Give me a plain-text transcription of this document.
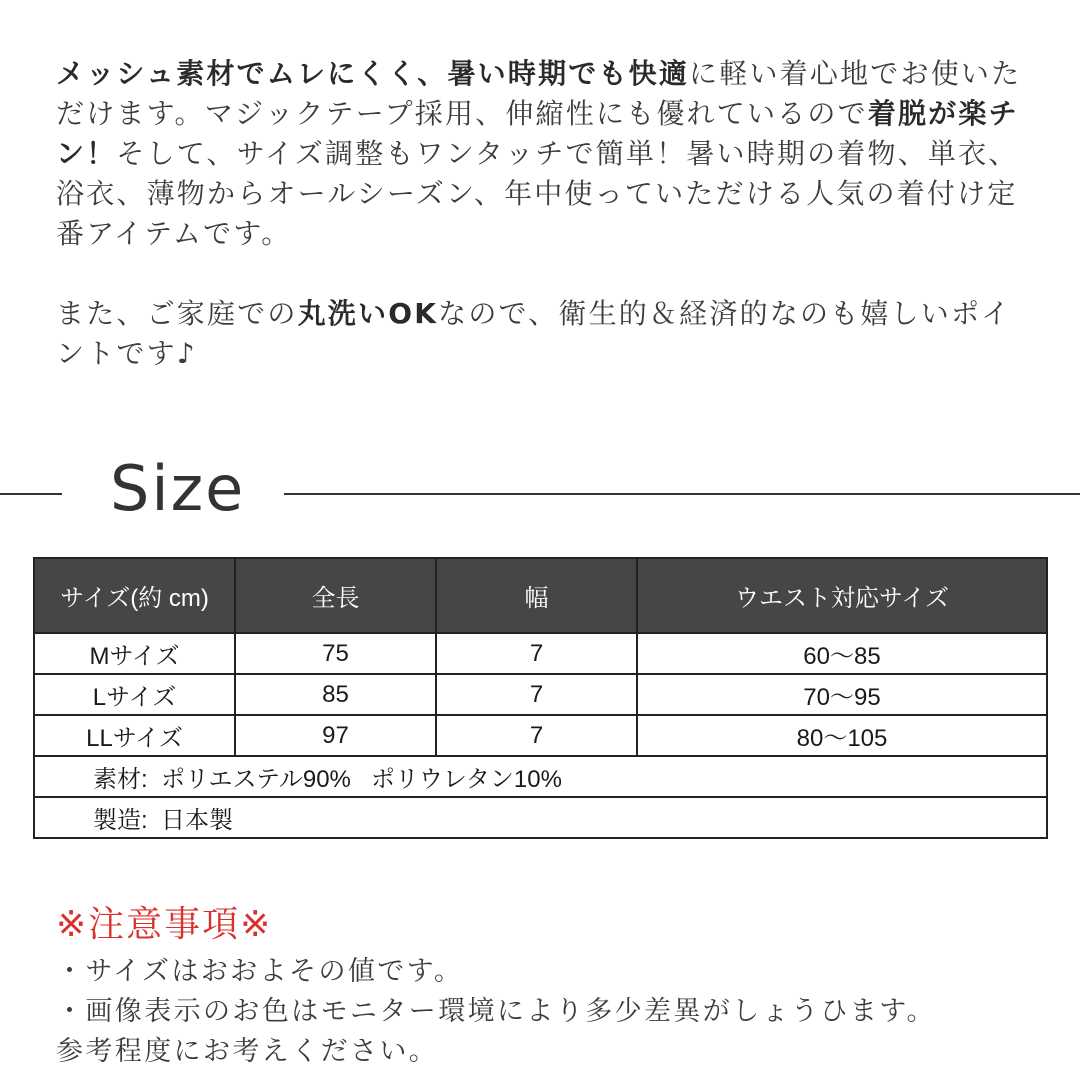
メッシュ素材でムレにくく、暑い時期でも快適に軽い着心地でお使いただけます。マジックテープ採用、伸縮性にも優れているので着脱が楽チン！そして、サイズ調整もワンタッチで簡単！暑い時期の着物、単衣、浴衣、薄物からオールシーズン、年中使っていただける人気の着付け定番アイテムです。

また、ご家庭での丸洗いOKなので、衛生的＆経済的なのも嬉しいポイントです♪

Size
サイズ(約 cm)	全長	幅	ウエスト対応サイズ
Mサイズ	75	7	60〜85
Lサイズ	85	7	70〜95
LLサイズ	97	7	80〜105
素材:  ポリエステル90%   ポリウレタン10%			
製造:  日本製			
※注意事項※
・サイズはおおよその値です。
・画像表示のお色はモニター環境により多少差異がしょうひます。
参考程度にお考えください。
